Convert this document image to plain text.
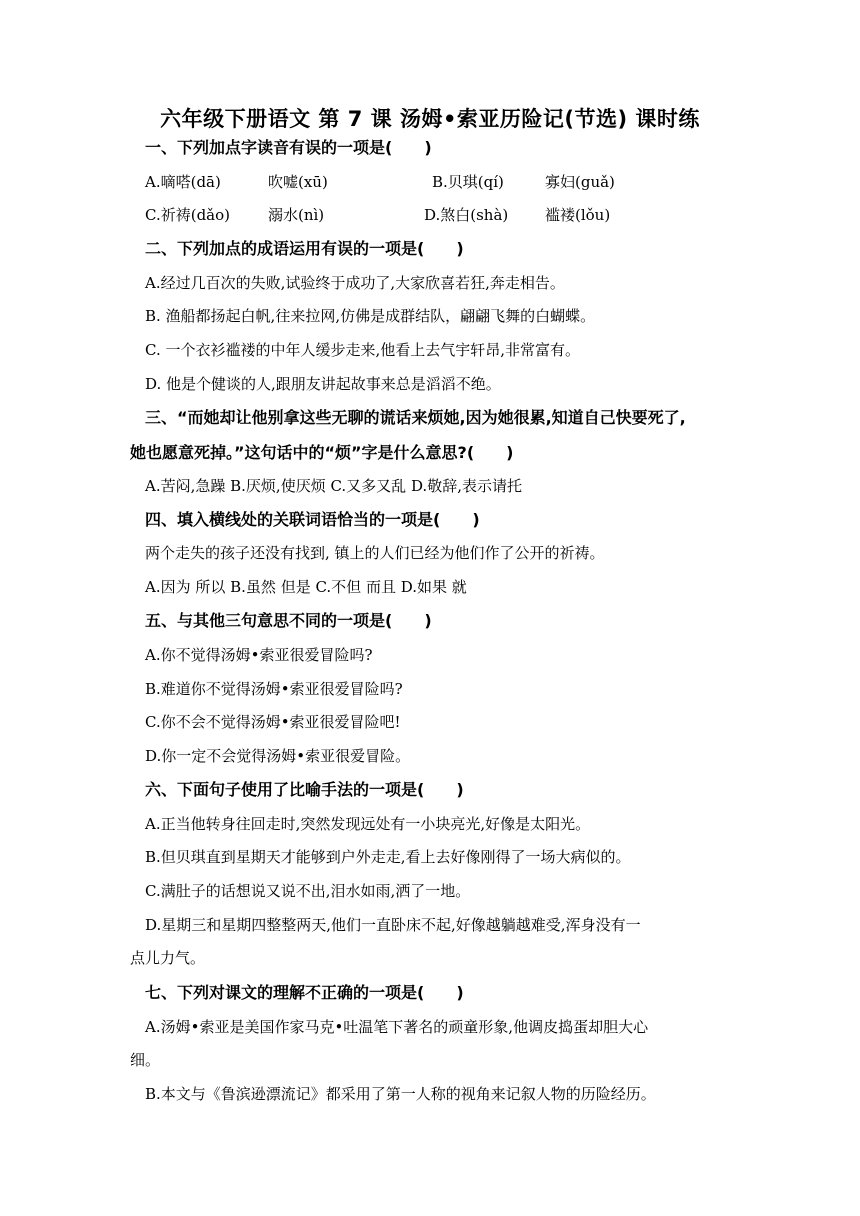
六年级下册语文 第 7 课 汤姆•索亚历险记(节选) 课时练
一、下列加点字读音有误的一项是(　　)
A.嘀嗒(dā)	吹嘘(xū)	B.贝琪(qí)	寡妇(guǎ)
C.祈祷(dǎo)	溺水(nì)	D.煞白(shà) 褴褛(lǒu)
二、下列加点的成语运用有误的一项是(　　)
A.经过几百次的失败,试验终于成功了,大家欣喜若狂,奔走相告。
B. 渔船都扬起白帆,往来拉网,仿佛是成群结队，翩翩飞舞的白蝴蝶。
C. 一个衣衫褴褛的中年人缓步走来,他看上去气宇轩昂,非常富有。
D. 他是个健谈的人,跟朋友讲起故事来总是滔滔不绝。
三、“而她却让他别拿这些无聊的谎话来烦她,因为她很累,知道自己快要死了,
她也愿意死掉。”这句话中的“烦”字是什么意思?(　　)
A.苦闷,急躁 B.厌烦,使厌烦 C.又多又乱 D.敬辞,表示请托
四、填入横线处的关联词语恰当的一项是(　　)
两个走失的孩子还没有找到, 镇上的人们已经为他们作了公开的祈祷。
A.因为 所以 B.虽然 但是 C.不但 而且 D.如果 就
五、与其他三句意思不同的一项是(　　)
A.你不觉得汤姆•索亚很爱冒险吗?
B.难道你不觉得汤姆•索亚很爱冒险吗?
C.你不会不觉得汤姆•索亚很爱冒险吧!
D.你一定不会觉得汤姆•索亚很爱冒险。
六、下面句子使用了比喻手法的一项是(　　)
A.正当他转身往回走时,突然发现远处有一小块亮光,好像是太阳光。
B.但贝琪直到星期天才能够到户外走走,看上去好像刚得了一场大病似的。
C.满肚子的话想说又说不出,泪水如雨,洒了一地。
D.星期三和星期四整整两天,他们一直卧床不起,好像越躺越难受,浑身没有一
点儿力气。
七、下列对课文的理解不正确的一项是(　　)
A.汤姆•索亚是美国作家马克•吐温笔下著名的顽童形象,他调皮捣蛋却胆大心
细。
B.本文与《鲁滨逊漂流记》都采用了第一人称的视角来记叙人物的历险经历。
